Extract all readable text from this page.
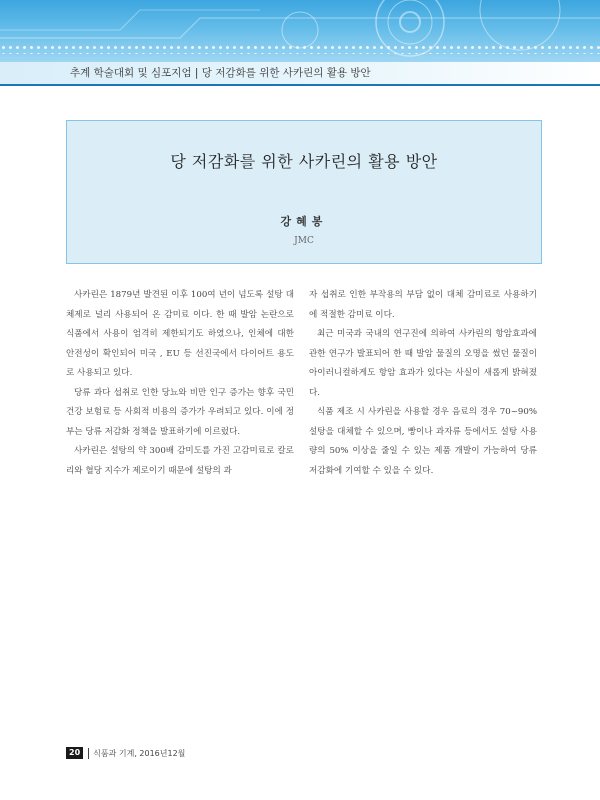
추계 학술대회 및 심포지엄 | 당 저감화를 위한 사카린의 활용 방안
당 저감화를 위한 사카린의 활용 방안

강혜봉

JMC

사카린은 1879년 발견된 이후 100여 년이 넘도록 설탕 대체제로 널리 사용되어 온 감미료 이다. 한 때 발암 논란으로 식품에서 사용이 엄격히 제한되기도 하였으나, 인체에 대한 안전성이 확인되어 미국 , EU 등 선진국에서 다이어트 용도로 사용되고 있다.

당류 과다 섭취로 인한 당뇨와 비만 인구 증가는 향후 국민 건강 보험료 등 사회적 비용의 증가가 우려되고 있다. 이에 정부는 당류 저감화 정책을 발표하기에 이르렀다.

사카린은 설탕의 약 300배 감미도를 가진 고감미료로 칼로리와 혈당 지수가 제로이기 때문에 설탕의 과

자 섭취로 인한 부작용의 부담 없이 대체 감미료로 사용하기에 적절한 감미료 이다.

최근 미국과 국내의 연구진에 의하여 사카린의 항암효과에 관한 연구가 발표되어 한 때 발암 물질의 오명을 썼던 물질이 아이러니컬하게도 항암 효과가 있다는 사실이 새롭게 밝혀졌다.

식품 제조 시 사카린을 사용할 경우 음료의 경우 70~90% 설탕을 대체할 수 있으며, 빵이나 과자류 등에서도 설탕 사용량의 50% 이상을 줄일 수 있는 제품 개발이 가능하여 당류 저감화에 기여할 수 있을 수 있다.

20	식품과 기계, 2016년12월
